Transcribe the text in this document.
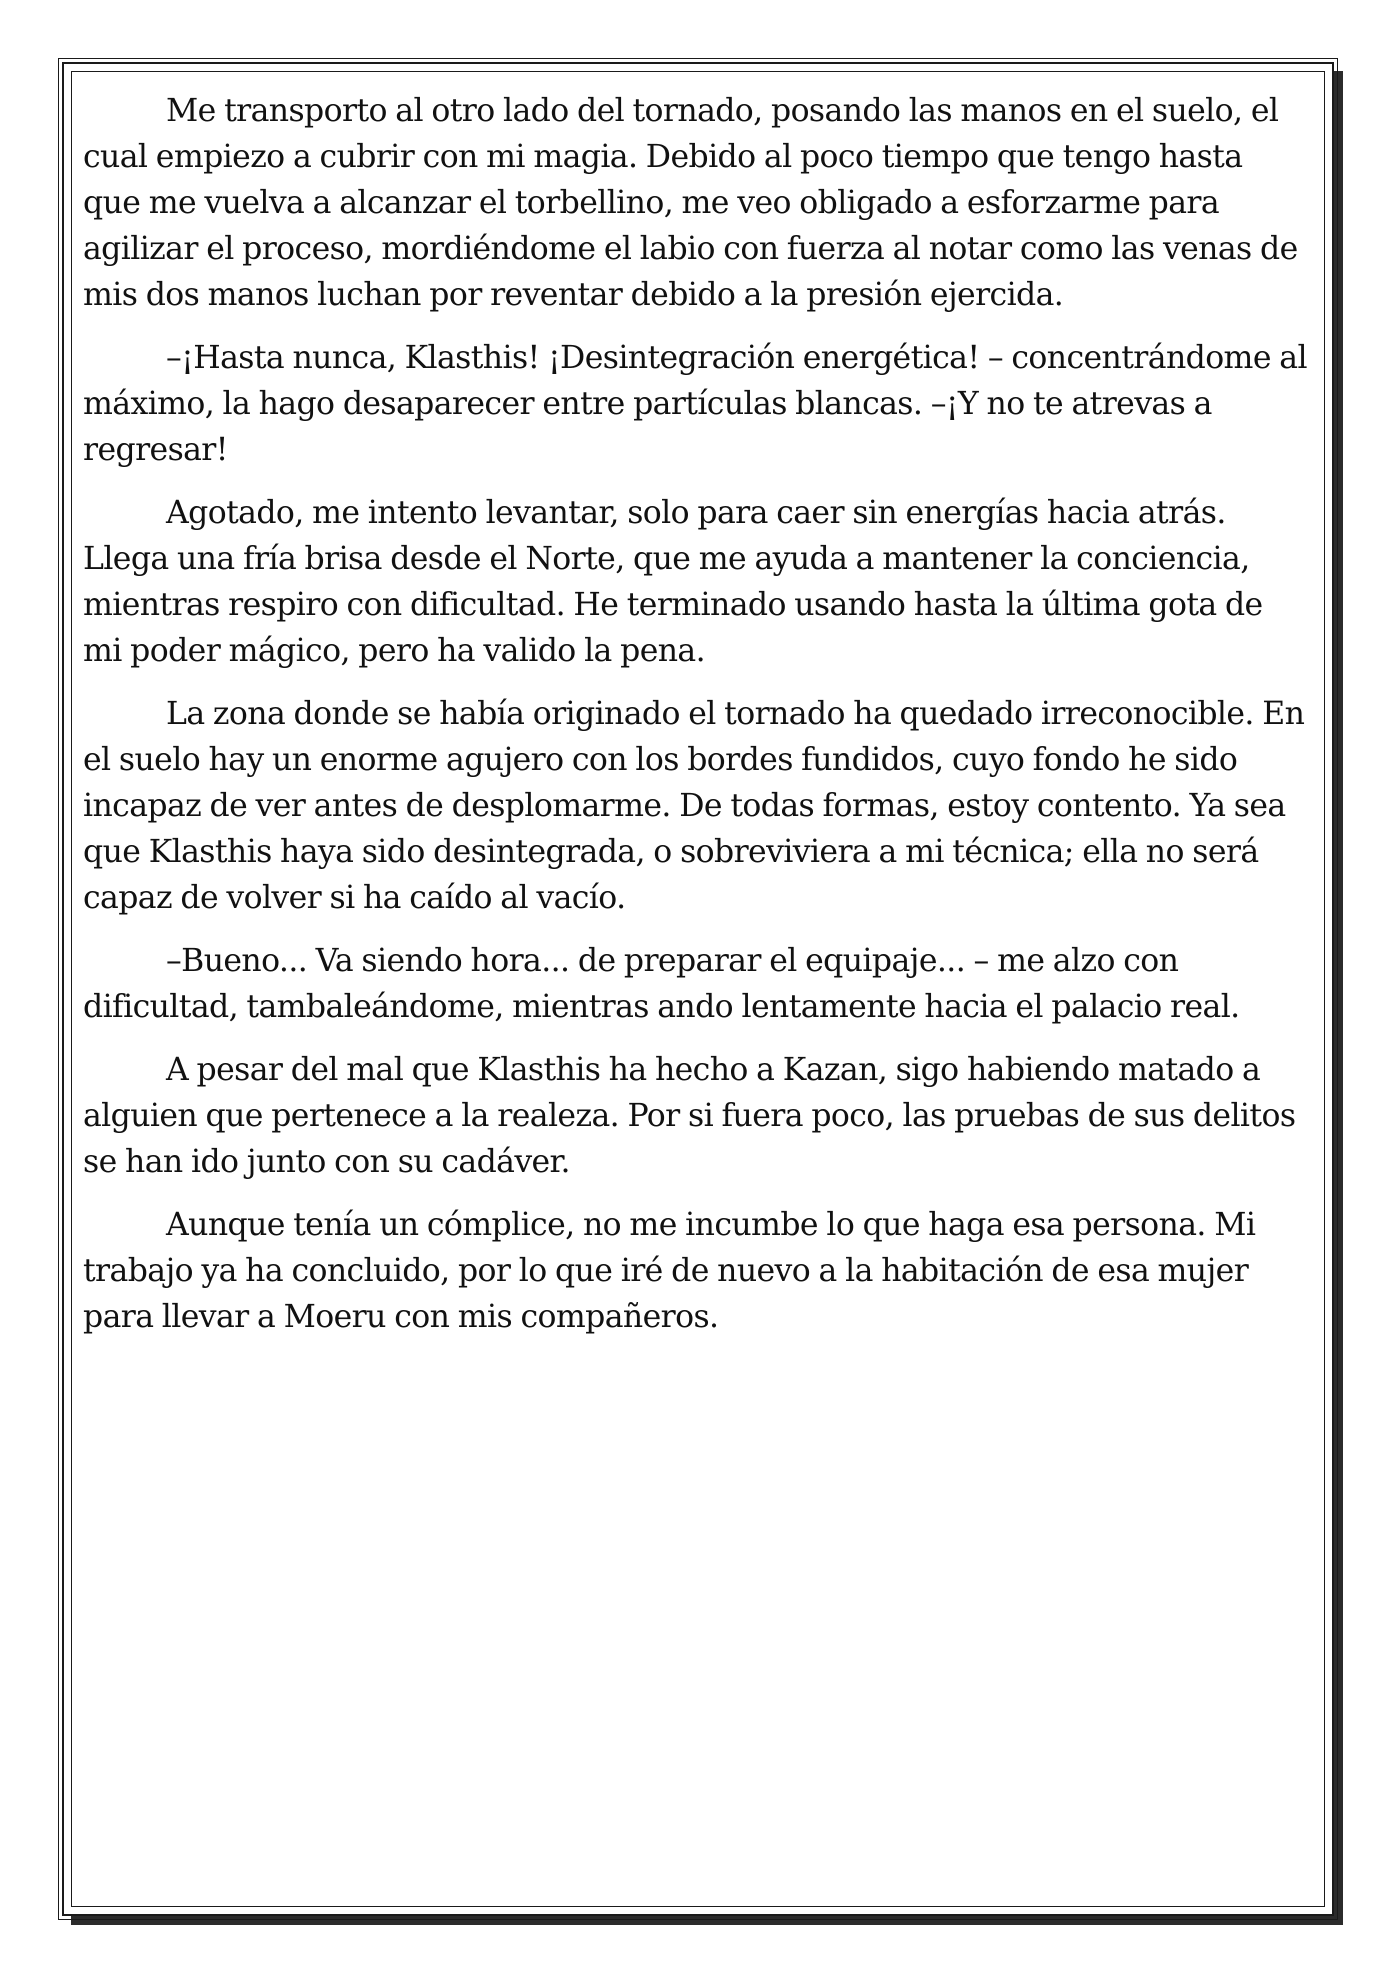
Me transporto al otro lado del tornado, posando las manos en el suelo, el cual empiezo a cubrir con mi magia. Debido al poco tiempo que tengo hasta que me vuelva a alcanzar el torbellino, me veo obligado a esforzarme para agilizar el proceso, mordiéndome el labio con fuerza al notar como las venas de mis dos manos luchan por reventar debido a la presión ejercida.

–¡Hasta nunca, Klasthis! ¡Desintegración energética! – concentrándome al máximo, la hago desaparecer entre partículas blancas. –¡Y no te atrevas a regresar!

Agotado, me intento levantar, solo para caer sin energías hacia atrás. Llega una fría brisa desde el Norte, que me ayuda a mantener la conciencia, mientras respiro con dificultad. He terminado usando hasta la última gota de mi poder mágico, pero ha valido la pena.

La zona donde se había originado el tornado ha quedado irreconocible. En el suelo hay un enorme agujero con los bordes fundidos, cuyo fondo he sido incapaz de ver antes de desplomarme. De todas formas, estoy contento. Ya sea que Klasthis haya sido desintegrada, o sobreviviera a mi técnica; ella no será capaz de volver si ha caído al vacío.

–Bueno... Va siendo hora... de preparar el equipaje... – me alzo con dificultad, tambaleándome, mientras ando lentamente hacia el palacio real.

A pesar del mal que Klasthis ha hecho a Kazan, sigo habiendo matado a alguien que pertenece a la realeza. Por si fuera poco, las pruebas de sus delitos se han ido junto con su cadáver.

Aunque tenía un cómplice, no me incumbe lo que haga esa persona. Mi trabajo ya ha concluido, por lo que iré de nuevo a la habitación de esa mujer para llevar a Moeru con mis compañeros.
